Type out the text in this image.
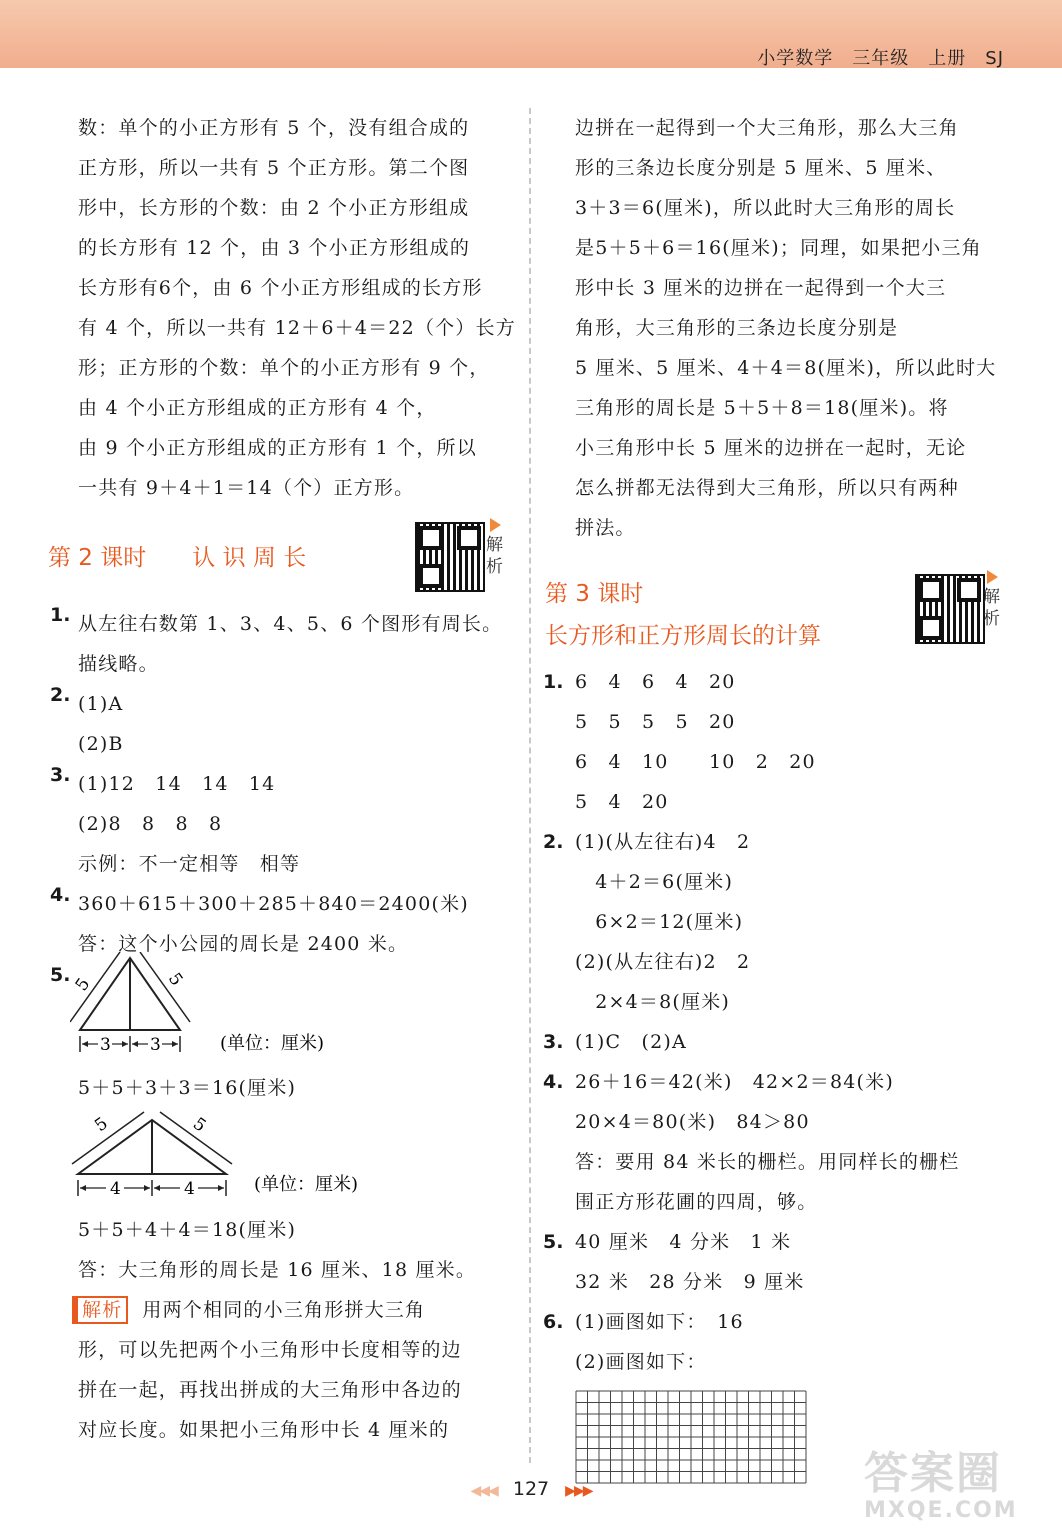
小学数学　三年级　上册　SJ

数：单个的小正方形有 5 个，没有组合成的

正方形，所以一共有 5 个正方形。第二个图

形中，长方形的个数：由 2 个小正方形组成

的长方形有 12 个，由 3 个小正方形组成的

长方形有6个，由 6 个小正方形组成的长方形

有 4 个，所以一共有 12＋6＋4＝22（个）长方

形；正方形的个数：单个的小正方形有 9 个，

由 4 个小正方形组成的正方形有 4 个，

由 9 个小正方形组成的正方形有 1 个，所以

一共有 9＋4＋1＝14（个）正方形。

第 2 课时　　认 识 周 长	解析
1. 从左往右数第 1、3、4、5、6 个图形有周长。

描线略。

2. (1)A

(2)B

3. (1)12　14　14　14

(2)8　8　8　8

示例：不一定相等　相等

4. 360＋615＋300＋285＋840＝2400(米)

答：这个小公园的周长是 2400 米。

5. 5	5
3 3	(单位：厘米)

5＋5＋3＋3＝16(厘米)

5	5
4	4	(单位：厘米)

5＋5＋4＋4＝18(厘米)

答：大三角形的周长是 16 厘米、18 厘米。

解析 用两个相同的小三角形拼大三角

形，可以先把两个小三角形中长度相等的边

拼在一起，再找出拼成的大三角形中各边的

对应长度。如果把小三角形中长 4 厘米的

边拼在一起得到一个大三角形，那么大三角

形的三条边长度分别是 5 厘米、5 厘米、

3＋3＝6(厘米)，所以此时大三角形的周长

是5＋5＋6＝16(厘米)；同理，如果把小三角

形中长 3 厘米的边拼在一起得到一个大三

角形，大三角形的三条边长度分别是

5 厘米、5 厘米、4＋4＝8(厘米)，所以此时大

三角形的周长是 5＋5＋8＝18(厘米)。将

小三角形中长 5 厘米的边拼在一起时，无论

怎么拼都无法得到大三角形，所以只有两种

拼法。

第 3 课时

长方形和正方形周长的计算

解析
1. 6　4　6　4　20

5　5　5　5　20

6　4　10　　10　2　20

5　4　20

2. (1)(从左往右)4　2

　4＋2＝6(厘米)

　6×2＝12(厘米)

(2)(从左往右)2　2

　2×4＝8(厘米)

3. (1)C　(2)A

4. 26＋16＝42(米)　42×2＝84(米)

20×4＝80(米)　84＞80

答：要用 84 米长的栅栏。用同样长的栅栏

围正方形花圃的四周，够。

5. 40 厘米　4 分米　1 米

32 米　28 分米　9 厘米

6. (1)画图如下：　16

(2)画图如下：

◀◀◀ 127 ▶▶▶	答案圈
MXQE.COM
